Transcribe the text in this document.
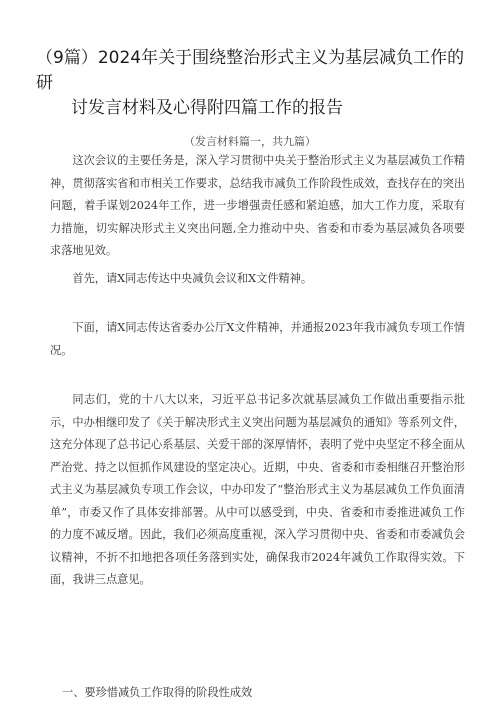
（9篇）2024年关于围绕整治形式主义为基层减负工作的研
讨发言材料及心得附四篇工作的报告
（发言材料篇一，共九篇）

这次会议的主要任务是，深入学习贯彻中央关于整治形式主义为基层减负工作精神，贯彻落实省和市相关工作要求，总结我市减负工作阶段性成效，查找存在的突出问题，着手谋划2024年工作，进一步增强责任感和紧迫感，加大工作力度，采取有力措施，切实解决形式主义突出问题,全力推动中央、省委和市委为基层减负各项要求落地见效。

首先，请X同志传达中央减负会议和X文件精神。

下面，请X同志传达省委办公厅X文件精神，并通报2023年我市减负专项工作情况。

同志们，党的十八大以来，习近平总书记多次就基层减负工作做出重要指示批示，中办相继印发了《关于解决形式主义突出问题为基层减负的通知》等系列文件，这充分体现了总书记心系基层、关爱干部的深厚情怀，表明了党中央坚定不移全面从严治党、持之以恒抓作风建设的坚定决心。近期，中央、省委和市委相继召开整治形式主义为基层减负专项工作会议，中办印发了“整治形式主义为基层减负工作负面清单”，市委又作了具体安排部署。从中可以感受到，中央、省委和市委推进减负工作的力度不减反增。因此，我们必须高度重视，深入学习贯彻中央、省委和市委减负会议精神，不折不扣地把各项任务落到实处，确保我市2024年减负工作取得实效。下面，我讲三点意见。

一、要珍惜减负工作取得的阶段性成效
